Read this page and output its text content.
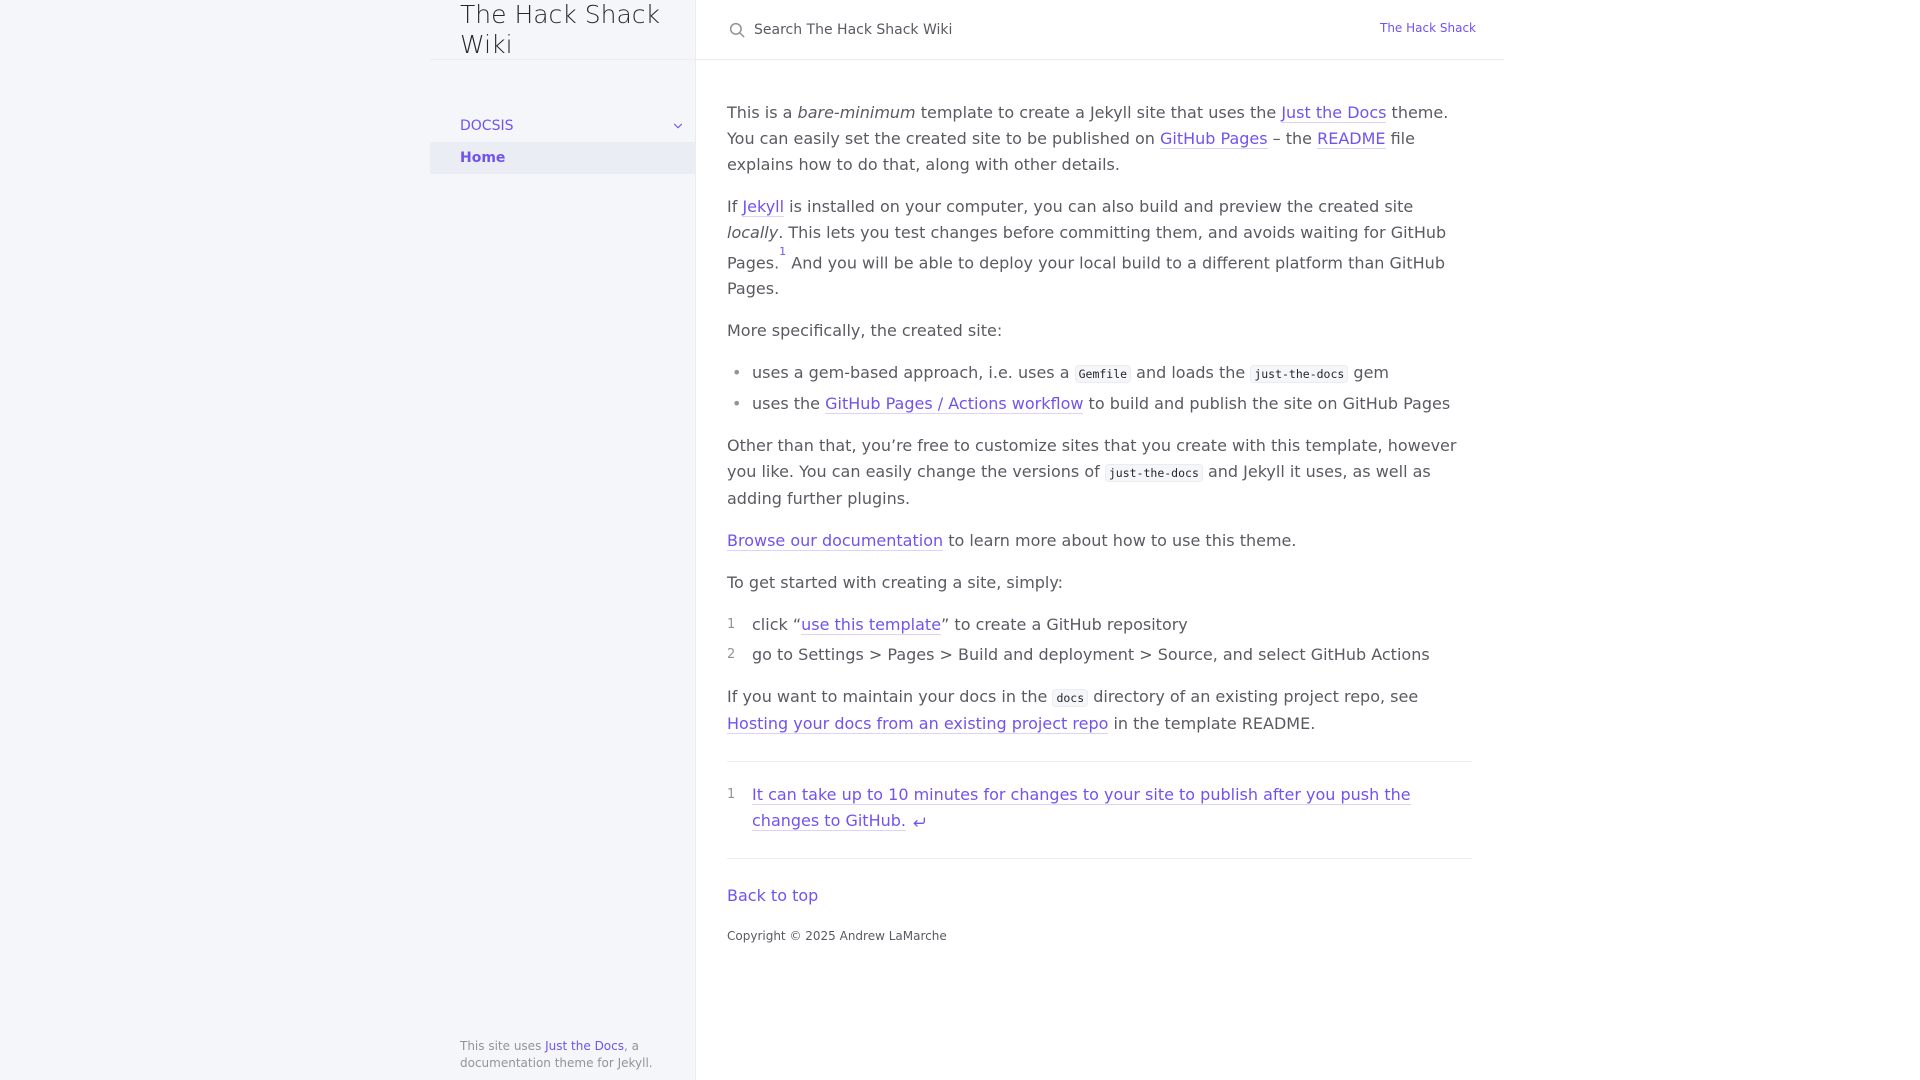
The Hack Shack Wiki
DOCSIS
Home
This site uses Just the Docs, a documentation theme for Jekyll.
Search The Hack Shack Wiki
The Hack Shack

This is a bare-minimum template to create a Jekyll site that uses the Just the Docs theme. You can easily set the created site to be published on GitHub Pages – the README file explains how to do that, along with other details.

If Jekyll is installed on your computer, you can also build and preview the created site locally. This lets you test changes before committing them, and avoids waiting for GitHub Pages.$^1$ And you will be able to deploy your local build to a different platform than GitHub Pages.

More specifically, the created site:

• uses a gem-based approach, i.e. uses a Gemfile and loads the just-the-docs gem
• uses the GitHub Pages / Actions workflow to build and publish the site on GitHub Pages

Other than that, you’re free to customize sites that you create with this template, however you like. You can easily change the versions of just-the-docs and Jekyll it uses, as well as adding further plugins.

Browse our documentation to learn more about how to use this theme.

To get started with creating a site, simply:

1 click “use this template” to create a GitHub repository
2 go to Settings > Pages > Build and deployment > Source, and select GitHub Actions

If you want to maintain your docs in the docs directory of an existing project repo, see Hosting your docs from an existing project repo in the template README.

1 It can take up to 10 minutes for changes to your site to publish after you push the changes to GitHub.
Back to top
Copyright © 2025 Andrew LaMarche
